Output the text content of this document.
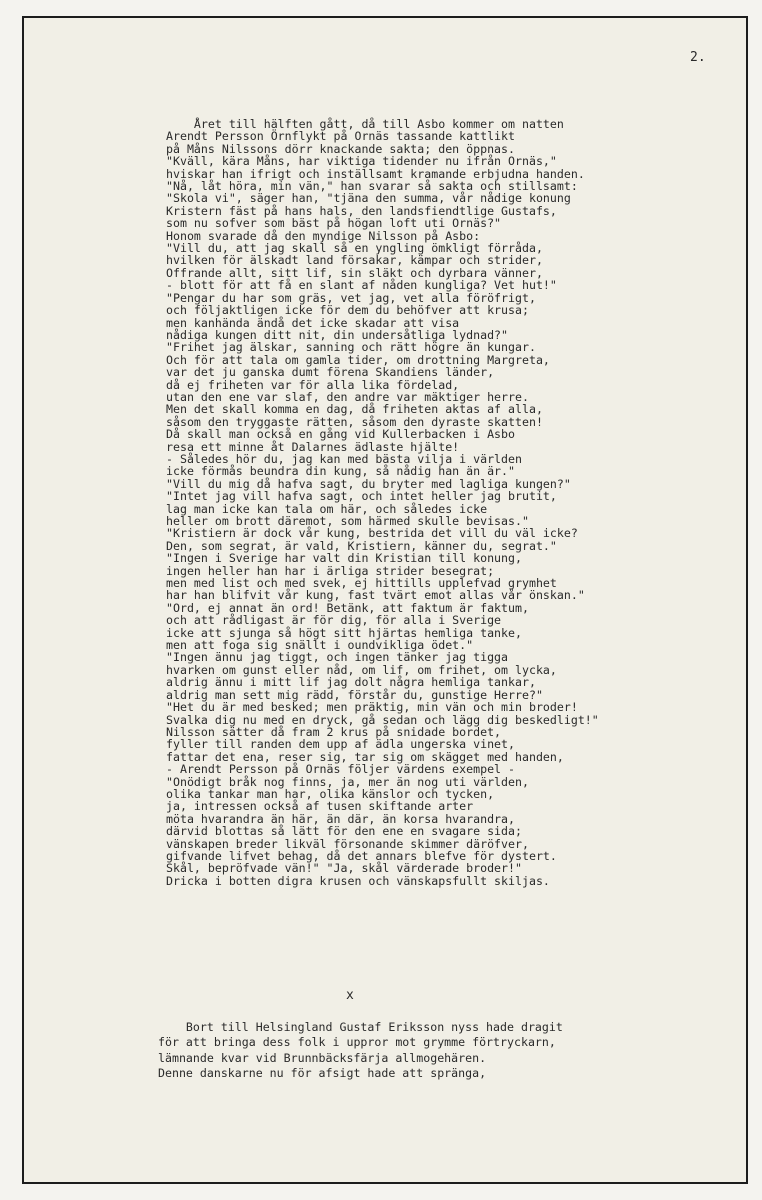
2.
Året till hälften gått, då till Asbo kommer om natten
Arendt Persson Örnflykt på Ornäs tassande kattlikt
på Måns Nilssons dörr knackande sakta; den öppnas.
"Kväll, kära Måns, har viktiga tidender nu ifrån Ornäs,"
hviskar han ifrigt och inställsamt kramande erbjudna handen.
"Nå, låt höra, min vän," han svarar så sakta och stillsamt:
"Skola vi", säger han, "tjäna den summa, vår nådige konung
Kristern fäst på hans hals, den landsfiendtlige Gustafs,
som nu sofver som bäst på högan loft uti Ornäs?"
Honom svarade då den myndige Nilsson på Asbo:
"Vill du, att jag skall så en yngling ömkligt förråda,
hvilken för älskadt land försakar, kämpar och strider,
Offrande allt, sitt lif, sin släkt och dyrbara vänner,
- blott för att få en slant af nåden kungliga? Vet hut!"
"Pengar du har som gräs, vet jag, vet alla föröfrigt,
och följaktligen icke för dem du behöfver att krusa;
men kanhända ändå det icke skadar att visa
nådiga kungen ditt nit, din undersåtliga lydnad?"
"Frihet jag älskar, sanning och rätt högre än kungar.
Och för att tala om gamla tider, om drottning Margreta,
var det ju ganska dumt förena Skandiens länder,
då ej friheten var för alla lika fördelad,
utan den ene var slaf, den andre var mäktiger herre.
Men det skall komma en dag, då friheten aktas af alla,
såsom den tryggaste rätten, såsom den dyraste skatten!
Då skall man också en gång vid Kullerbacken i Asbo
resa ett minne åt Dalarnes ädlaste hjälte!
- Således hör du, jag kan med bästa vilja i världen
icke förmås beundra din kung, så nådig han än är."
"Vill du mig då hafva sagt, du bryter med lagliga kungen?"
"Intet jag vill hafva sagt, och intet heller jag brutit,
lag man icke kan tala om här, och således icke
heller om brott däremot, som härmed skulle bevisas."
"Kristiern är dock vår kung, bestrida det vill du väl icke?
Den, som segrat, är vald, Kristiern, känner du, segrat."
"Ingen i Sverige har valt din Kristian till konung,
ingen heller han har i ärliga strider besegrat;
men med list och med svek, ej hittills upplefvad grymhet
har han blifvit vår kung, fast tvärt emot allas vår önskan."
"Ord, ej annat än ord! Betänk, att faktum är faktum,
och att rådligast är för dig, för alla i Sverige
icke att sjunga så högt sitt hjärtas hemliga tanke,
men att foga sig snällt i oundvikliga ödet."
"Ingen ännu jag tiggt, och ingen tänker jag tigga
hvarken om gunst eller nåd, om lif, om frihet, om lycka,
aldrig ännu i mitt lif jag dolt några hemliga tankar,
aldrig man sett mig rädd, förstår du, gunstige Herre?"
"Het du är med besked; men präktig, min vän och min broder!
Svalka dig nu med en dryck, gå sedan och lägg dig beskedligt!"
Nilsson sätter då fram 2 krus på snidade bordet,
fyller till randen dem upp af ädla ungerska vinet,
fattar det ena, reser sig, tar sig om skägget med handen,
- Arendt Persson på Ornäs följer värdens exempel -
"Onödigt bråk nog finns, ja, mer än nog uti världen,
olika tankar man har, olika känslor och tycken,
ja, intressen också af tusen skiftande arter
möta hvarandra än här, än där, än korsa hvarandra,
därvid blottas så lätt för den ene en svagare sida;
vänskapen breder likväl försonande skimmer däröfver,
gifvande lifvet behag, då det annars blefve för dystert.
Skål, bepröfvade vän!" "Ja, skål värderade broder!"
Dricka i botten digra krusen och vänskapsfullt skiljas.
x
Bort till Helsingland Gustaf Eriksson nyss hade dragit
för att bringa dess folk i uppror mot grymme förtryckarn,
lämnande kvar vid Brunnbäcksfärja allmogehären.
Denne danskarne nu för afsigt hade att spränga,
